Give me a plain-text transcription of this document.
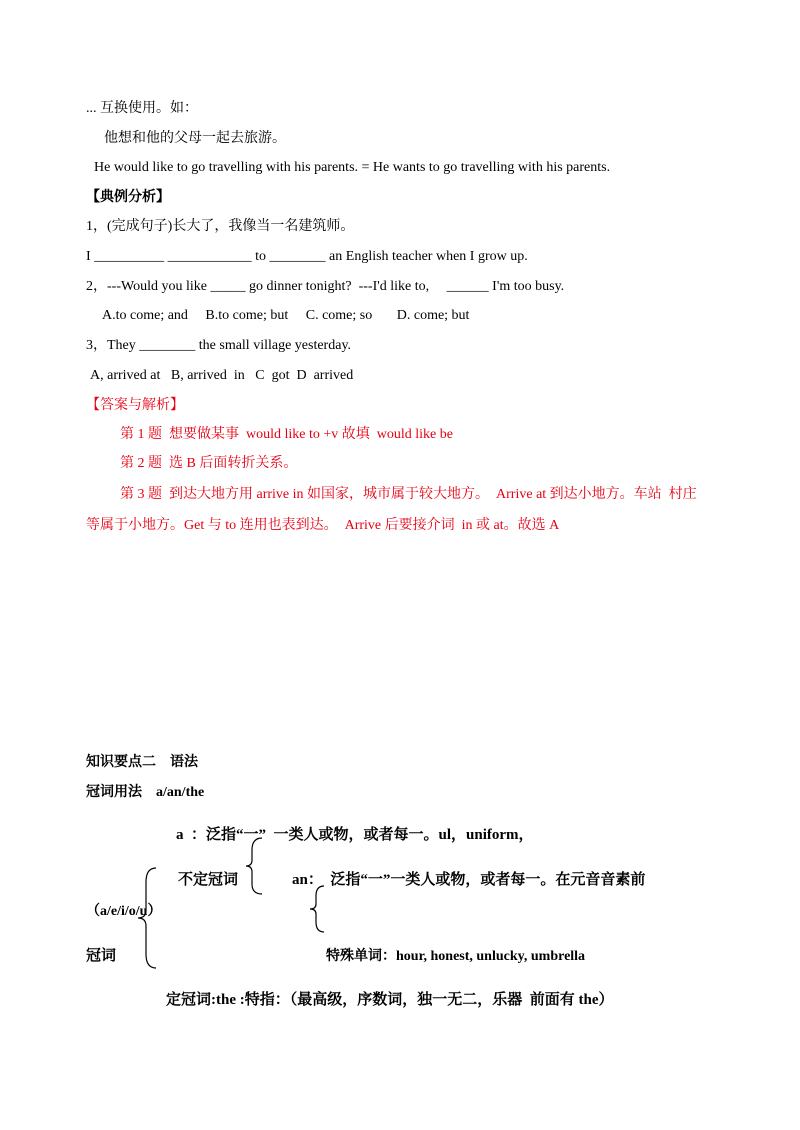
... 互换使用。如：
他想和他的父母一起去旅游。
He would like to go travelling with his parents. = He wants to go travelling with his parents.
【典例分析】
1，(完成句子)长大了，我像当一名建筑师。
I __________ ____________ to ________ an English teacher when I grow up.
2，---Would you like _____ go dinner tonight?  ---I'd like to,     ______ I'm too busy.
A.to come; and     B.to come; but     C. come; so       D. come; but
3，They ________ the small village yesterday.
A, arrived at   B, arrived  in   C  got  D  arrived
【答案与解析】
第 1 题  想要做某事  would like to +v 故填  would like be
第 2 题  选 B 后面转折关系。
第 3 题  到达大地方用 arrive in 如国家，城市属于较大地方。  Arrive at 到达小地方。车站  村庄
等属于小地方。Get 与 to 连用也表到达。  Arrive 后要接介词  in 或 at。故选 A
知识要点二    语法
冠词用法    a/an/the
a  ：泛指“一”  一类人或物，或者每一。ul，uniform，
不定冠词	an：  泛指“一”一类人或物，或者每一。在元音音素前
（a/e/i/o/u）
冠词	特殊单词：hour, honest, unlucky, umbrella
定冠词:the :特指：（最高级，序数词，独一无二，乐器  前面有 the）
